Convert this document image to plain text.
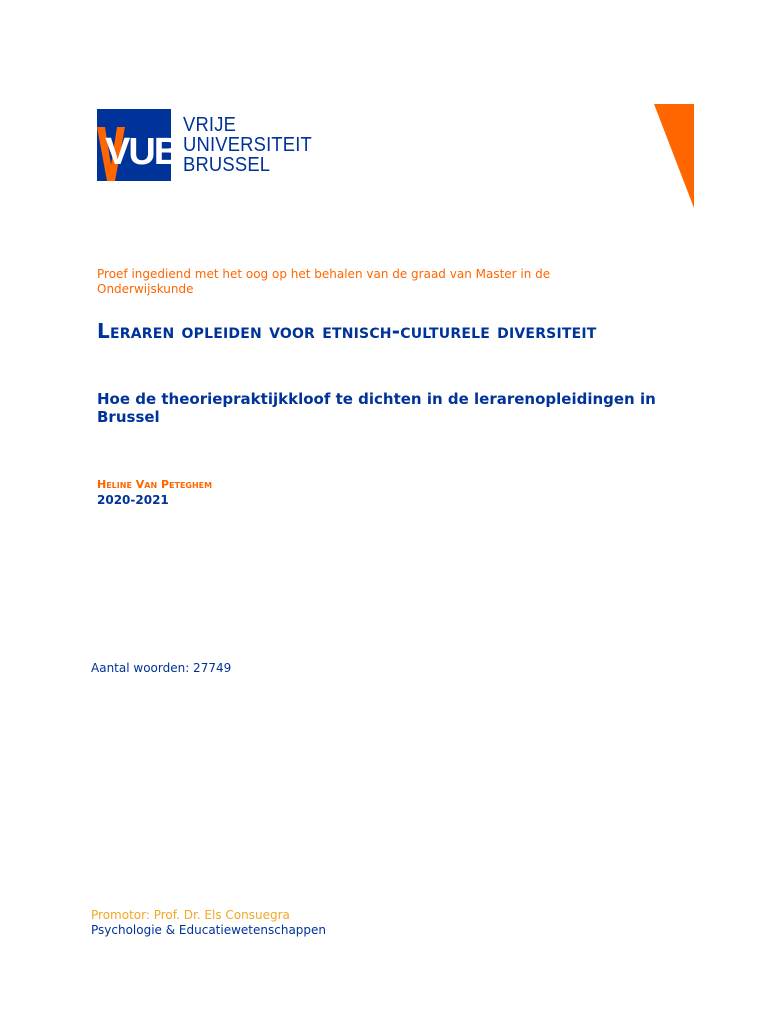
VUB
VRIJE
UNIVERSITEIT
BRUSSEL
Proef ingediend met het oog op het behalen van de graad van Master in de Onderwijskunde
Leraren opleiden voor etnisch-culturele diversiteit
Hoe de theoriepraktijkkloof te dichten in de lerarenopleidingen in Brussel
Heline Van Peteghem
2020-2021
Aantal woorden: 27749
Promotor: Prof. Dr. Els Consuegra
Psychologie & Educatiewetenschappen
